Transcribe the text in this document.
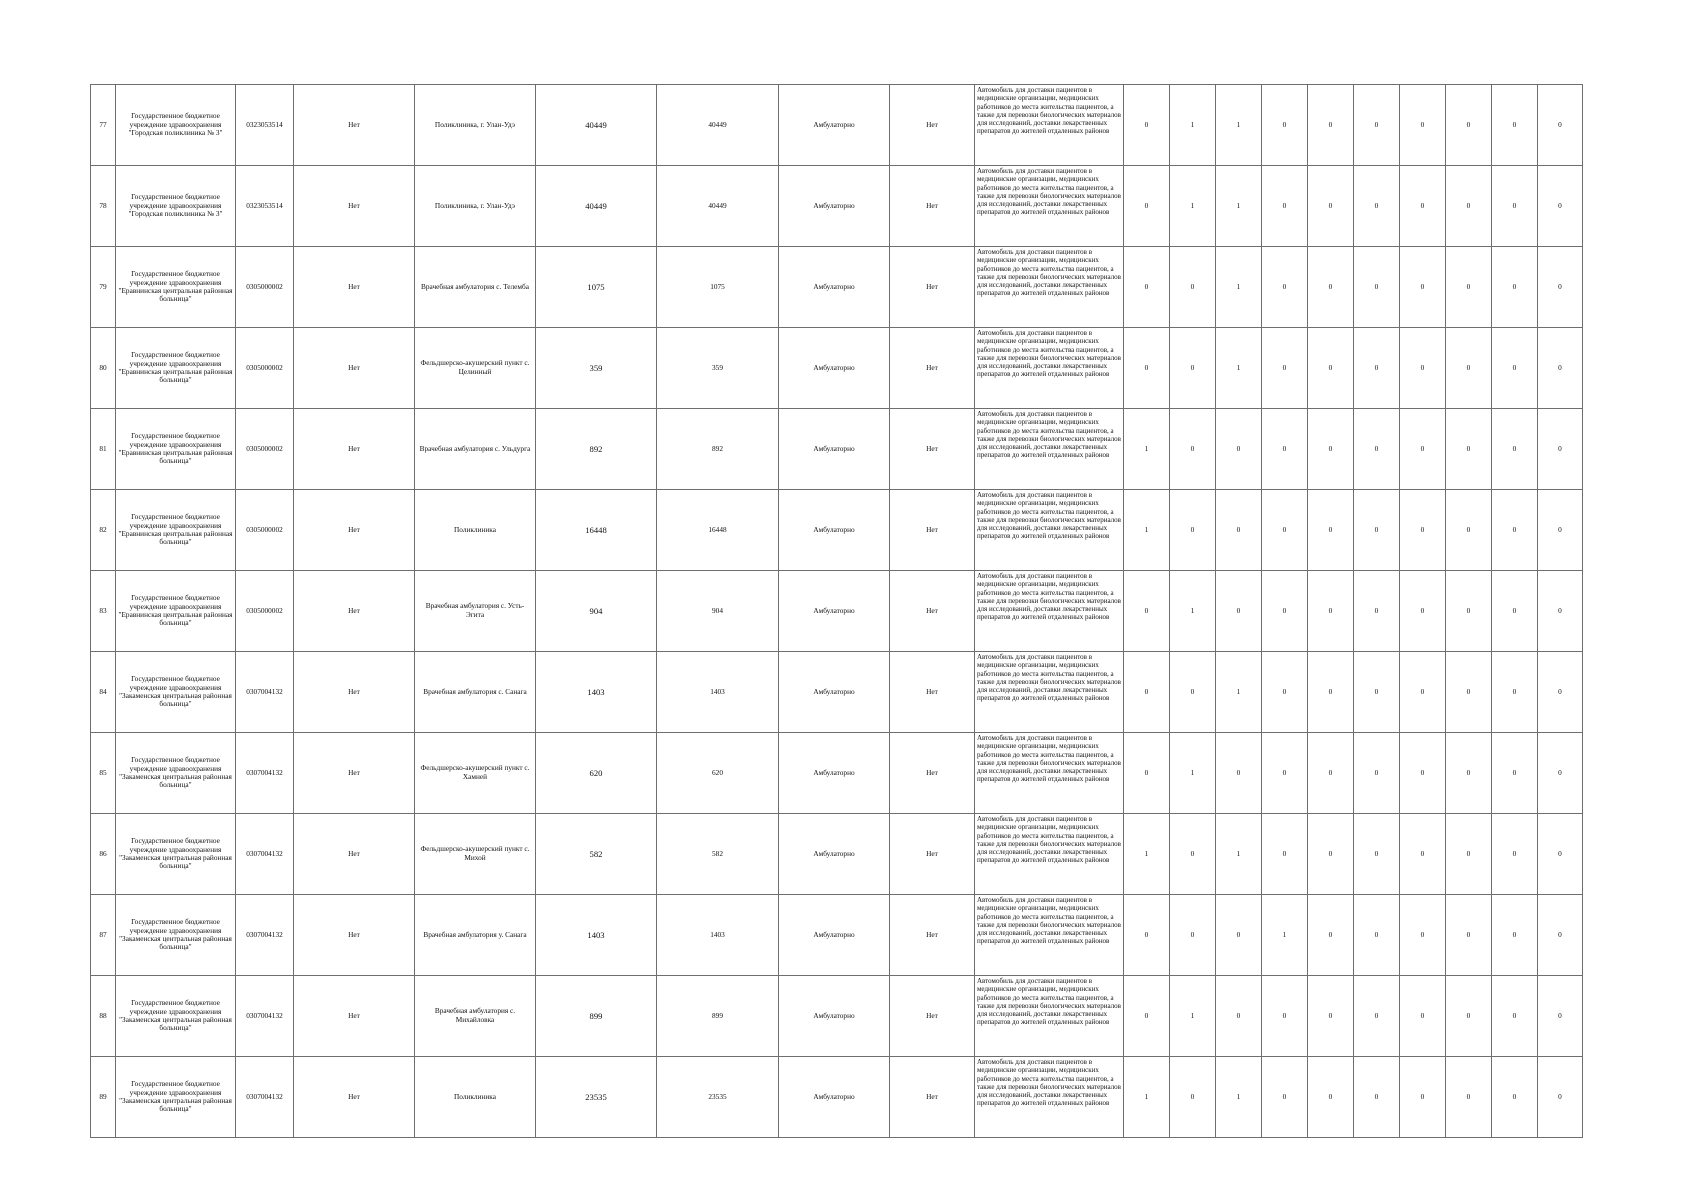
77	Государственное бюджетное учреждение здравоохранения "Городская поликлиника № 3"	0323053514	Нет	Поликлиника, г. Улан-Удэ	40449	40449	Амбулаторно	Нет	Автомобиль для доставки пациентов в медицинские организации, медицинских работников до места жительства пациентов, а также для перевозки биологических материалов для исследований, доставки лекарственных препаратов до жителей отдаленных районов	0	1	1	0	0	0	0	0	0	0
78	Государственное бюджетное учреждение здравоохранения "Городская поликлиника № 3"	0323053514	Нет	Поликлиника, г. Улан-Удэ	40449	40449	Амбулаторно	Нет	Автомобиль для доставки пациентов в медицинские организации, медицинских работников до места жительства пациентов, а также для перевозки биологических материалов для исследований, доставки лекарственных препаратов до жителей отдаленных районов	0	1	1	0	0	0	0	0	0	0
79	Государственное бюджетное учреждение здравоохранения "Еравнинская центральная районная больница"	0305000002	Нет	Врачебная амбулатория с. Телемба	1075	1075	Амбулаторно	Нет	Автомобиль для доставки пациентов в медицинские организации, медицинских работников до места жительства пациентов, а также для перевозки биологических материалов для исследований, доставки лекарственных препаратов до жителей отдаленных районов	0	0	1	0	0	0	0	0	0	0
80	Государственное бюджетное учреждение здравоохранения "Еравнинская центральная районная больница"	0305000002	Нет	Фельдшерско-акушерский пункт с. Целинный	359	359	Амбулаторно	Нет	Автомобиль для доставки пациентов в медицинские организации, медицинских работников до места жительства пациентов, а также для перевозки биологических материалов для исследований, доставки лекарственных препаратов до жителей отдаленных районов	0	0	1	0	0	0	0	0	0	0
81	Государственное бюджетное учреждение здравоохранения "Еравнинская центральная районная больница"	0305000002	Нет	Врачебная амбулатория с. Ульдурга	892	892	Амбулаторно	Нет	Автомобиль для доставки пациентов в медицинские организации, медицинских работников до места жительства пациентов, а также для перевозки биологических материалов для исследований, доставки лекарственных препаратов до жителей отдаленных районов	1	0	0	0	0	0	0	0	0	0
82	Государственное бюджетное учреждение здравоохранения "Еравнинская центральная районная больница"	0305000002	Нет	Поликлиника	16448	16448	Амбулаторно	Нет	Автомобиль для доставки пациентов в медицинские организации, медицинских работников до места жительства пациентов, а также для перевозки биологических материалов для исследований, доставки лекарственных препаратов до жителей отдаленных районов	1	0	0	0	0	0	0	0	0	0
83	Государственное бюджетное учреждение здравоохранения "Еравнинская центральная районная больница"	0305000002	Нет	Врачебная амбулатория с. Усть-Эгита	904	904	Амбулаторно	Нет	Автомобиль для доставки пациентов в медицинские организации, медицинских работников до места жительства пациентов, а также для перевозки биологических материалов для исследований, доставки лекарственных препаратов до жителей отдаленных районов	0	1	0	0	0	0	0	0	0	0
84	Государственное бюджетное учреждение здравоохранения "Закаменская центральная районная больница"	0307004132	Нет	Врачебная амбулатория с. Санага	1403	1403	Амбулаторно	Нет	Автомобиль для доставки пациентов в медицинские организации, медицинских работников до места жительства пациентов, а также для перевозки биологических материалов для исследований, доставки лекарственных препаратов до жителей отдаленных районов	0	0	1	0	0	0	0	0	0	0
85	Государственное бюджетное учреждение здравоохранения "Закаменская центральная районная больница"	0307004132	Нет	Фельдшерско-акушерский пункт с. Хамней	620	620	Амбулаторно	Нет	Автомобиль для доставки пациентов в медицинские организации, медицинских работников до места жительства пациентов, а также для перевозки биологических материалов для исследований, доставки лекарственных препаратов до жителей отдаленных районов	0	1	0	0	0	0	0	0	0	0
86	Государственное бюджетное учреждение здравоохранения "Закаменская центральная районная больница"	0307004132	Нет	Фельдшерско-акушерский пункт с. Михой	582	582	Амбулаторно	Нет	Автомобиль для доставки пациентов в медицинские организации, медицинских работников до места жительства пациентов, а также для перевозки биологических материалов для исследований, доставки лекарственных препаратов до жителей отдаленных районов	1	0	1	0	0	0	0	0	0	0
87	Государственное бюджетное учреждение здравоохранения "Закаменская центральная районная больница"	0307004132	Нет	Врачебная амбулатория у. Санага	1403	1403	Амбулаторно	Нет	Автомобиль для доставки пациентов в медицинские организации, медицинских работников до места жительства пациентов, а также для перевозки биологических материалов для исследований, доставки лекарственных препаратов до жителей отдаленных районов	0	0	0	1	0	0	0	0	0	0
88	Государственное бюджетное учреждение здравоохранения "Закаменская центральная районная больница"	0307004132	Нет	Врачебная амбулатория с. Михайловка	899	899	Амбулаторно	Нет	Автомобиль для доставки пациентов в медицинские организации, медицинских работников до места жительства пациентов, а также для перевозки биологических материалов для исследований, доставки лекарственных препаратов до жителей отдаленных районов	0	1	0	0	0	0	0	0	0	0
89	Государственное бюджетное учреждение здравоохранения "Закаменская центральная районная больница"	0307004132	Нет	Поликлиника	23535	23535	Амбулаторно	Нет	Автомобиль для доставки пациентов в медицинские организации, медицинских работников до места жительства пациентов, а также для перевозки биологических материалов для исследований, доставки лекарственных препаратов до жителей отдаленных районов	1	0	1	0	0	0	0	0	0	0
